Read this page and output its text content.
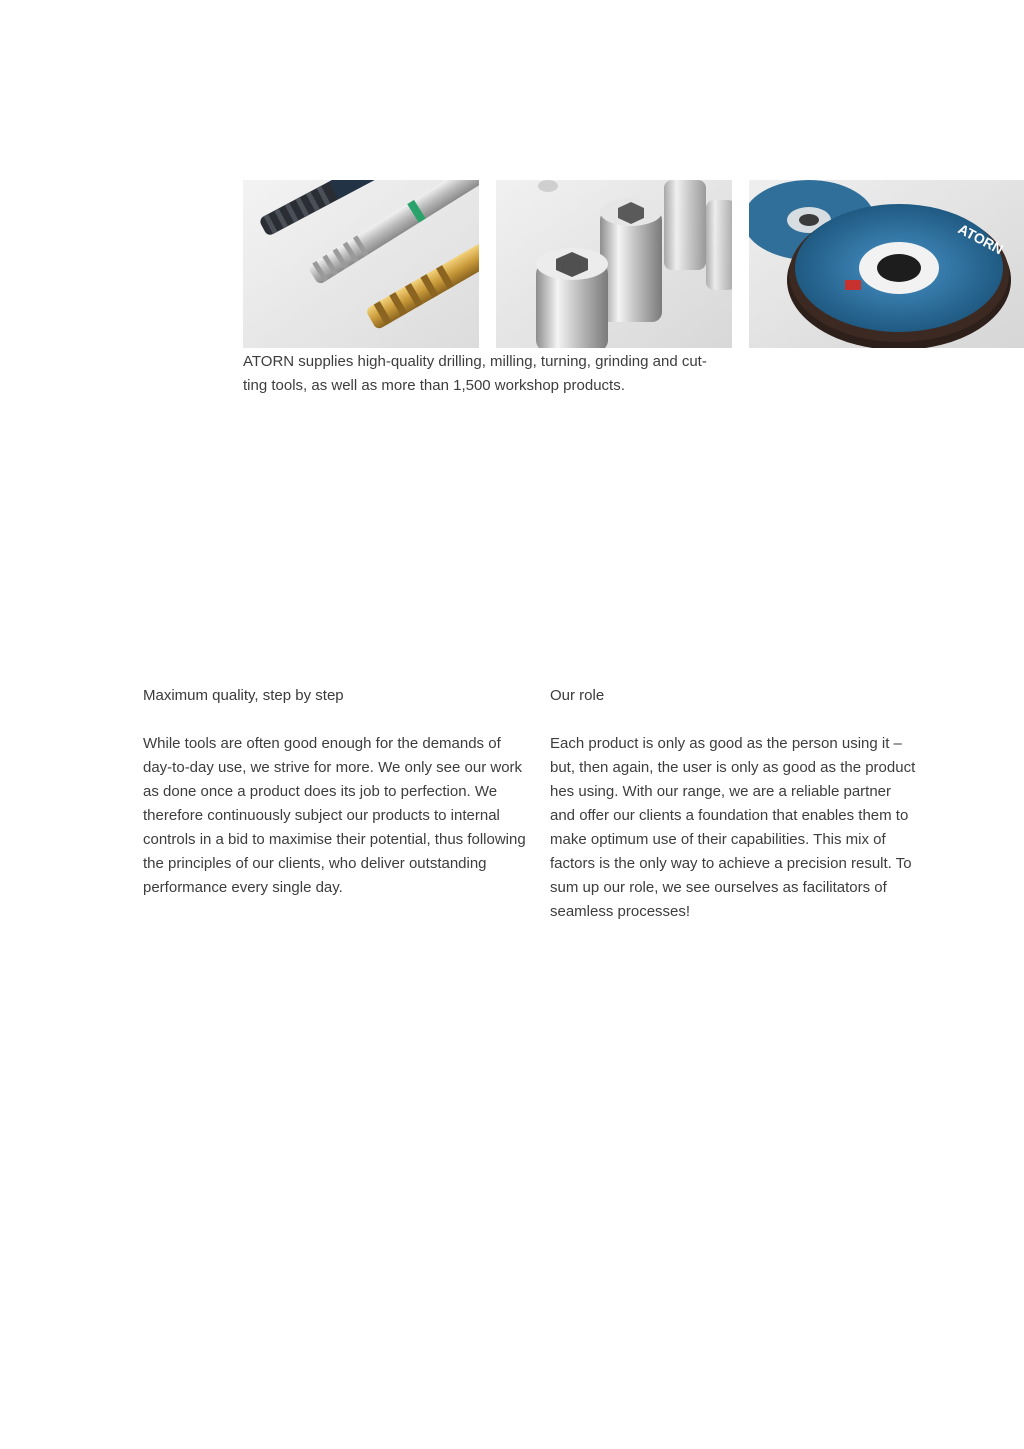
ATORN

ATORN supplies high-quality drilling, milling, turning, grinding and cut-
ting tools, as well as more than 1,500 workshop products.

Maximum quality, step by step

While tools are often good enough for the demands of day-to-day use, we strive for more. We only see our work as done once a product does its job to perfection. We therefore continuously subject our products to internal controls in a bid to maximise their potential, thus following the principles of our clients, who deliver outstanding performance every single day.

Our role

Each product is only as good as the person using it – but, then again, the user is only as good as the product hes using. With our range, we are a reliable partner and offer our clients a foundation that enables them to make optimum use of their capabilities. This mix of factors is the only way to achieve a precision result. To sum up our role, we see ourselves as facilitators of seamless processes!
